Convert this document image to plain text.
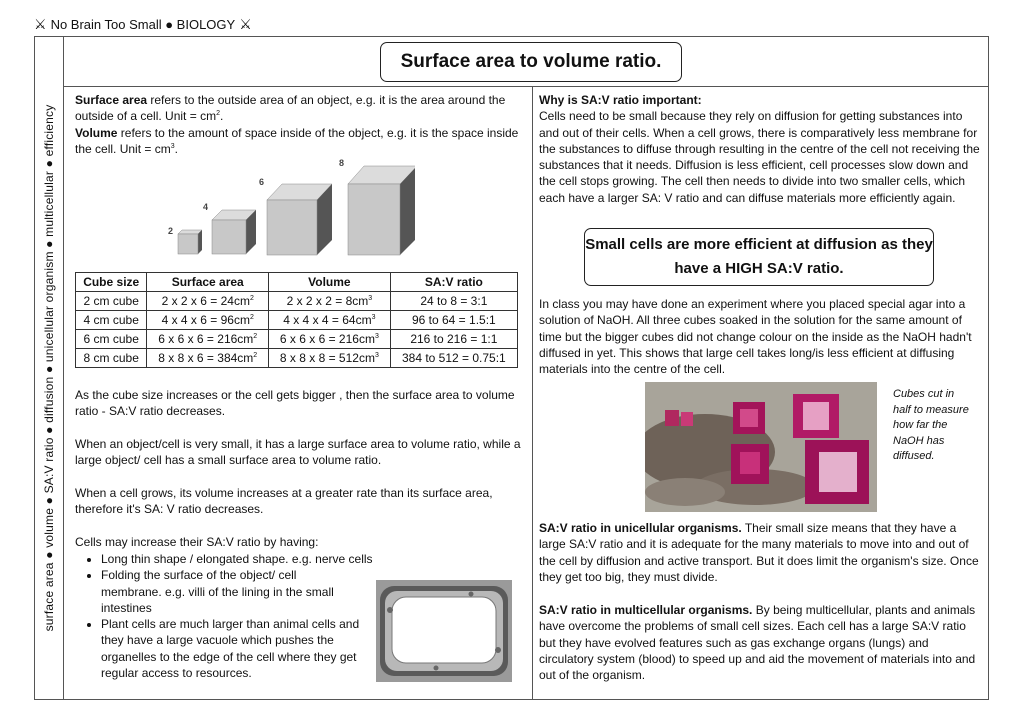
⚔ No Brain Too Small ● BIOLOGY ⚔
surface area ● volume ● SA:V ratio ● diffusion ● unicellular organism ● multicellular ● efficiency
Surface area to volume ratio.
Surface area refers to the outside area of an object, e.g. it is the area around the outside of a cell. Unit = $cm^2$.
Volume refers to the amount of space inside of the object, e.g. it is the space inside the cell. Unit = $cm^3$.
2
4
6
8
Cube size	Surface area	Volume	SA:V ratio
2 cm cube	2 x 2 x $6 = 24cm^2$	2 x 2 x $2 = 8cm^3$	24 to 8 = 3:1
4 cm cube	4 x 4 x $6 = 96cm^2$	4 x 4 x $4 = 64cm^3$	96 to 64 = 1.5:1
6 cm cube	6 x 6 x $6 = 216cm^2$	6 x 6 x $6 = 216cm^3$	216 to 216 = 1:1
8 cm cube	8 x 8 x $6 = 384cm^2$	8 x 8 x $8 = 512cm^3$	384 to 512 = 0.75:1
As the cube size increases or the cell gets bigger , then the surface area to volume ratio - SA:V ratio decreases.
When an object/cell is very small, it has a large surface area to volume ratio, while a large object/ cell has a small surface area to volume ratio.
When a cell grows, its volume increases at a greater rate than its surface area, therefore it's SA: V ratio decreases.
Cells may increase their SA:V ratio by having:
• Long thin shape / elongated shape. e.g. nerve cells
• Folding the surface of the object/ cell membrane. e.g. villi of the lining in the small intestines
• Plant cells are much larger than animal cells and they have a large vacuole which pushes the organelles to the edge of the cell where they get regular access to resources.
Why is SA:V ratio important:
Cells need to be small because they rely on diffusion for getting substances into and out of their cells. When a cell grows, there is comparatively less membrane for the substances to diffuse through resulting in the centre of the cell not receiving the substances that it needs. Diffusion is less efficient, cell processes slow down and the cell stops growing. The cell then needs to divide into two smaller cells, which each have a larger SA: V ratio and can diffuse materials more efficiently again.
Small cells are more efficient at diffusion as they have a HIGH SA:V ratio.
In class you may have done an experiment where you placed special agar into a solution of NaOH. All three cubes soaked in the solution for the same amount of time but the bigger cubes did not change colour on the inside as the NaOH hadn't diffused in yet. This shows that large cell takes long/is less efficient at diffusing materials into the centre of the cell.
Cubes cut in half to measure how far the NaOH has diffused.
SA:V ratio in unicellular organisms. Their small size means that they have a large SA:V ratio and it is adequate for the many materials to move into and out of the cell by diffusion and active transport. But it does limit the organism's size. Once they get too big, they must divide.
SA:V ratio in multicellular organisms. By being multicellular, plants and animals have overcome the problems of small cell sizes. Each cell has a large SA:V ratio but they have evolved features such as gas exchange organs (lungs) and circulatory system (blood) to speed up and aid the movement of materials into and out of the organism.
